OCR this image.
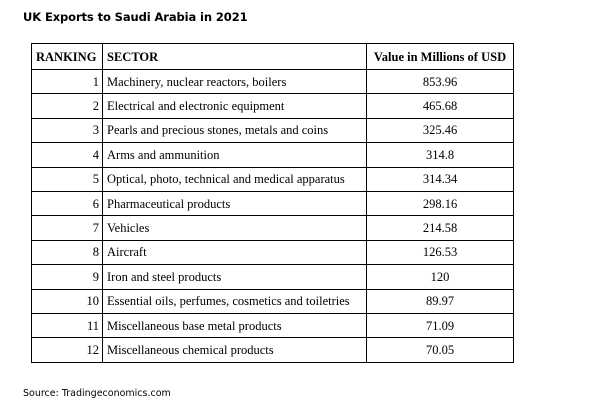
UK Exports to Saudi Arabia in 2021
RANKING	SECTOR	Value in Millions of USD
1	Machinery, nuclear reactors, boilers	853.96
2	Electrical and electronic equipment	465.68
3	Pearls and precious stones, metals and coins	325.46
4	Arms and ammunition	314.8
5	Optical, photo, technical and medical apparatus	314.34
6	Pharmaceutical products	298.16
7	Vehicles	214.58
8	Aircraft	126.53
9	Iron and steel products	120
10	Essential oils, perfumes, cosmetics and toiletries	89.97
11	Miscellaneous base metal products	71.09
12	Miscellaneous chemical products	70.05
Source: Tradingeconomics.com
